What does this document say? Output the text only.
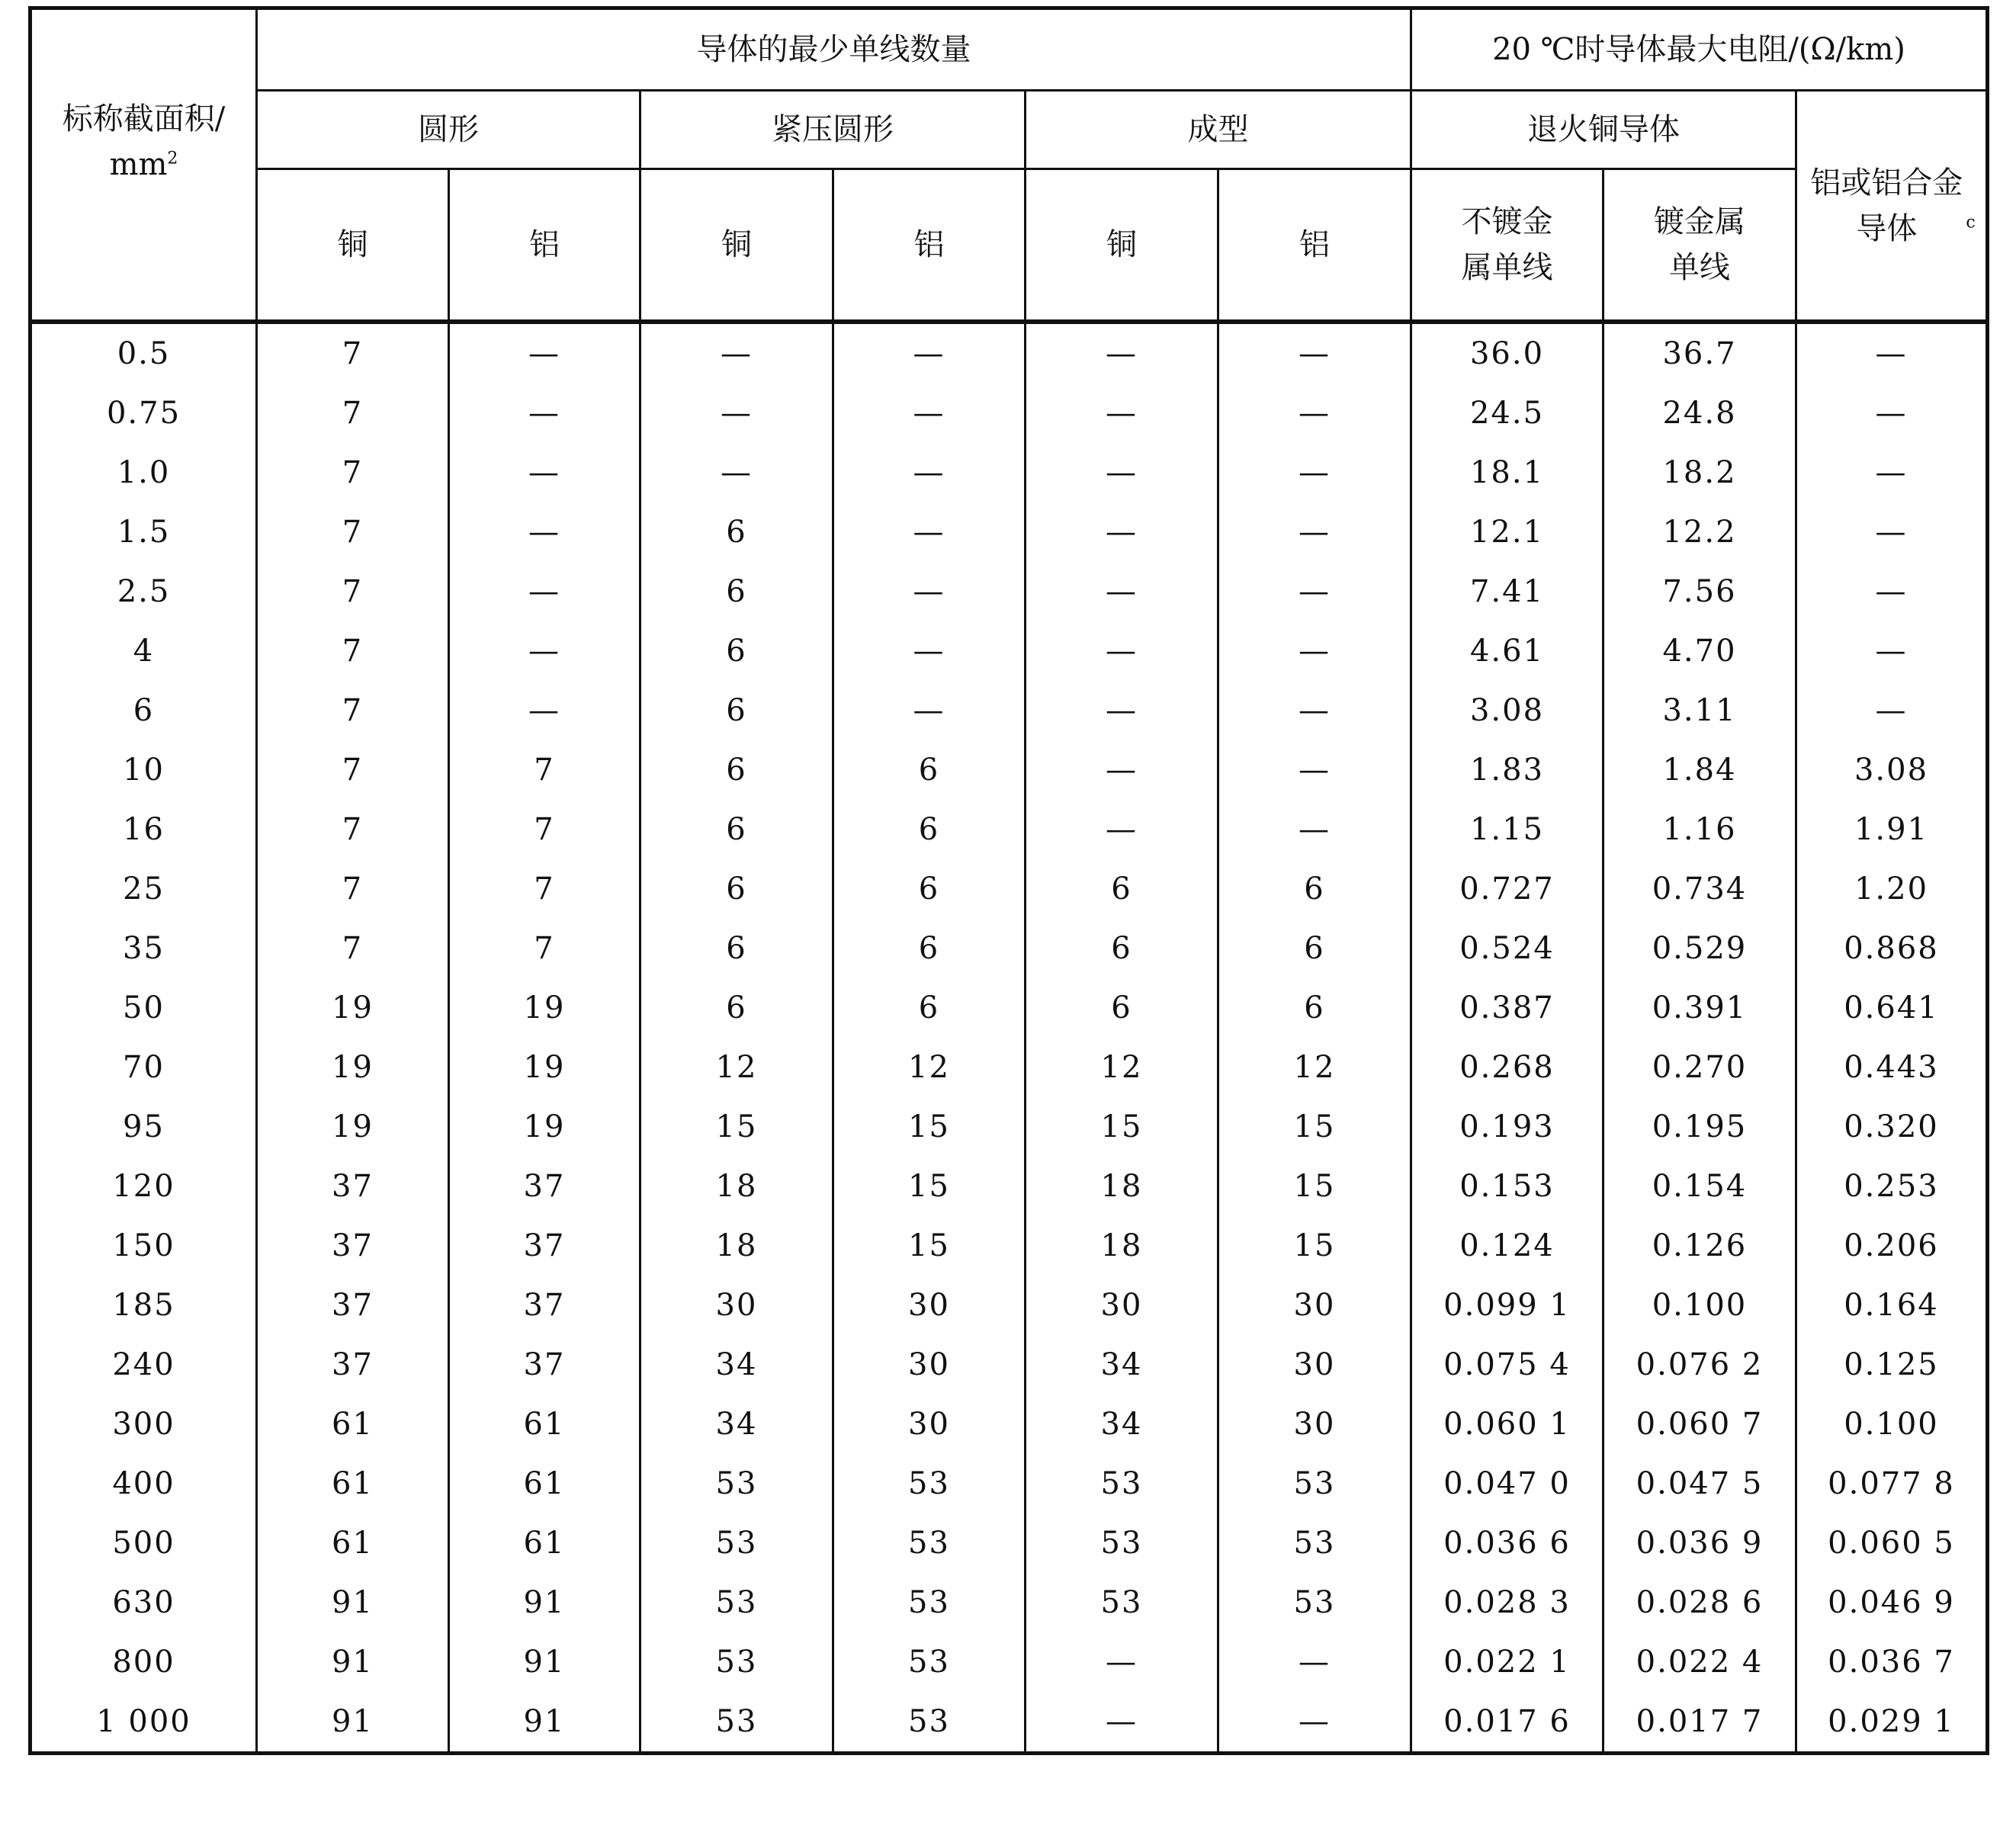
标称截面积/
$mm^2$	导体的最少单线数量						20 ℃时导体最大电阻/(Ω/km)		
	圆形		紧压圆形		成型		退火铜导体		铝或铝合金导体 $^c$
	铜	铝	铜	铝	铜	铝	不镀金属单线	镀金属单线	
0.5	7	—	—	—	—	—	36.0	36.7	—
0.75	7	—	—	—	—	—	24.5	24.8	—
1.0	7	—	—	—	—	—	18.1	18.2	—
1.5	7	—	6	—	—	—	12.1	12.2	—
2.5	7	—	6	—	—	—	7.41	7.56	—
4	7	—	6	—	—	—	4.61	4.70	—
6	7	—	6	—	—	—	3.08	3.11	—
10	7	7	6	6	—	—	1.83	1.84	3.08
16	7	7	6	6	—	—	1.15	1.16	1.91
25	7	7	6	6	6	6	0.727	0.734	1.20
35	7	7	6	6	6	6	0.524	0.529	0.868
50	19	19	6	6	6	6	0.387	0.391	0.641
70	19	19	12	12	12	12	0.268	0.270	0.443
95	19	19	15	15	15	15	0.193	0.195	0.320
120	37	37	18	15	18	15	0.153	0.154	0.253
150	37	37	18	15	18	15	0.124	0.126	0.206
185	37	37	30	30	30	30	0.099 1	0.100	0.164
240	37	37	34	30	34	30	0.075 4	0.076 2	0.125
300	61	61	34	30	34	30	0.060 1	0.060 7	0.100
400	61	61	53	53	53	53	0.047 0	0.047 5	0.077 8
500	61	61	53	53	53	53	0.036 6	0.036 9	0.060 5
630	91	91	53	53	53	53	0.028 3	0.028 6	0.046 9
800	91	91	53	53	—	—	0.022 1	0.022 4	0.036 7
1 000	91	91	53	53	—	—	0.017 6	0.017 7	0.029 1
